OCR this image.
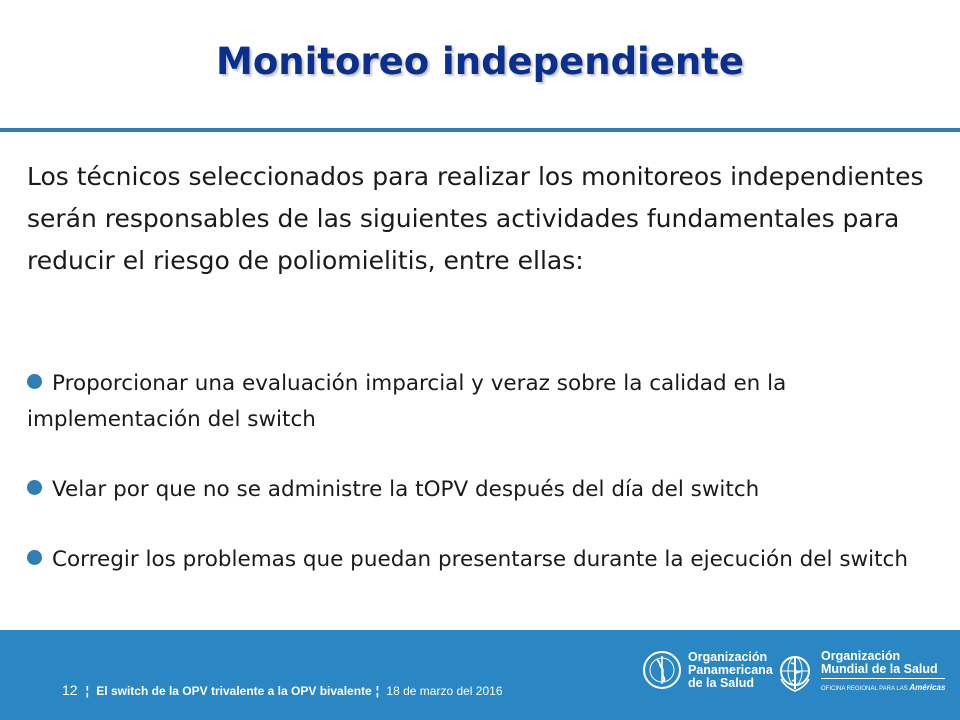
Monitoreo independiente

Los técnicos seleccionados para realizar los monitoreos independientes serán responsables de las siguientes actividades fundamentales para reducir el riesgo de poliomielitis, entre ellas:

Proporcionar una evaluación imparcial y veraz sobre la calidad en la implementación del switch

Velar por que no se administre la tOPV después del día del switch

Corregir los problemas que puedan presentarse durante la ejecución del switch

12 ¦ El switch de la OPV trivalente a la OPV bivalente ¦ 18 de marzo del 2016
Organización
Panamericana
de la Salud
Organización
Mundial de la Salud
OFICINA REGIONAL PARA LAS Américas
